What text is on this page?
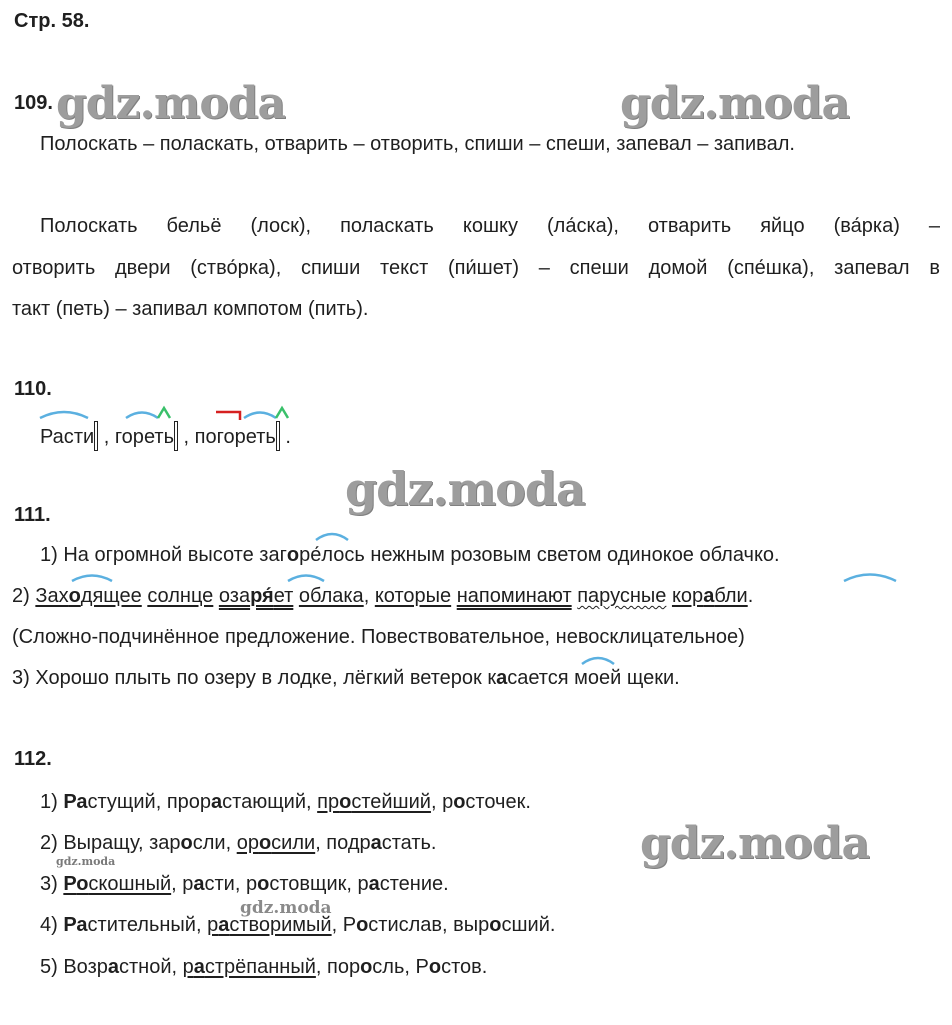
gdz.moda	gdz.moda
gdz.moda
gdz.moda
gdz.moda
gdz.moda
Стр. 58.
109.
Полоскать – поласкать, отварить – отворить, спиши – спеши, запевал – запивал.
Полоскать бельё (лоск), поласкать кошку (ла́ска), отварить яйцо (ва́рка) –
отворить двери (ство́рка), спиши текст (пи́шет) – спеши домой (спе́шка), запевал в
такт (петь) – запивал компотом (пить).
110.
Расти , гореть , погореть .
111.
1) На огромной высоте загоре́лось нежным розовым светом одинокое облачко.
2) Заходящее солнце озаря́ет облака, которые напоминают парусные корабли.
(Сложно-подчинённое предложение. Повествовательное, невосклицательное)
3) Хорошо плыть по озеру в лодке, лёгкий ветерок касается моей щеки.
112.
1) Растущий, прорастающий, простейший, росточек.
2) Выращу, заросли, оросили, подрастать.
3) Роскошный, расти, ростовщик, растение.
4) Растительный, растворимый, Ростислав, выросший.
5) Возрастной, растрёпанный, поросль, Ростов.
